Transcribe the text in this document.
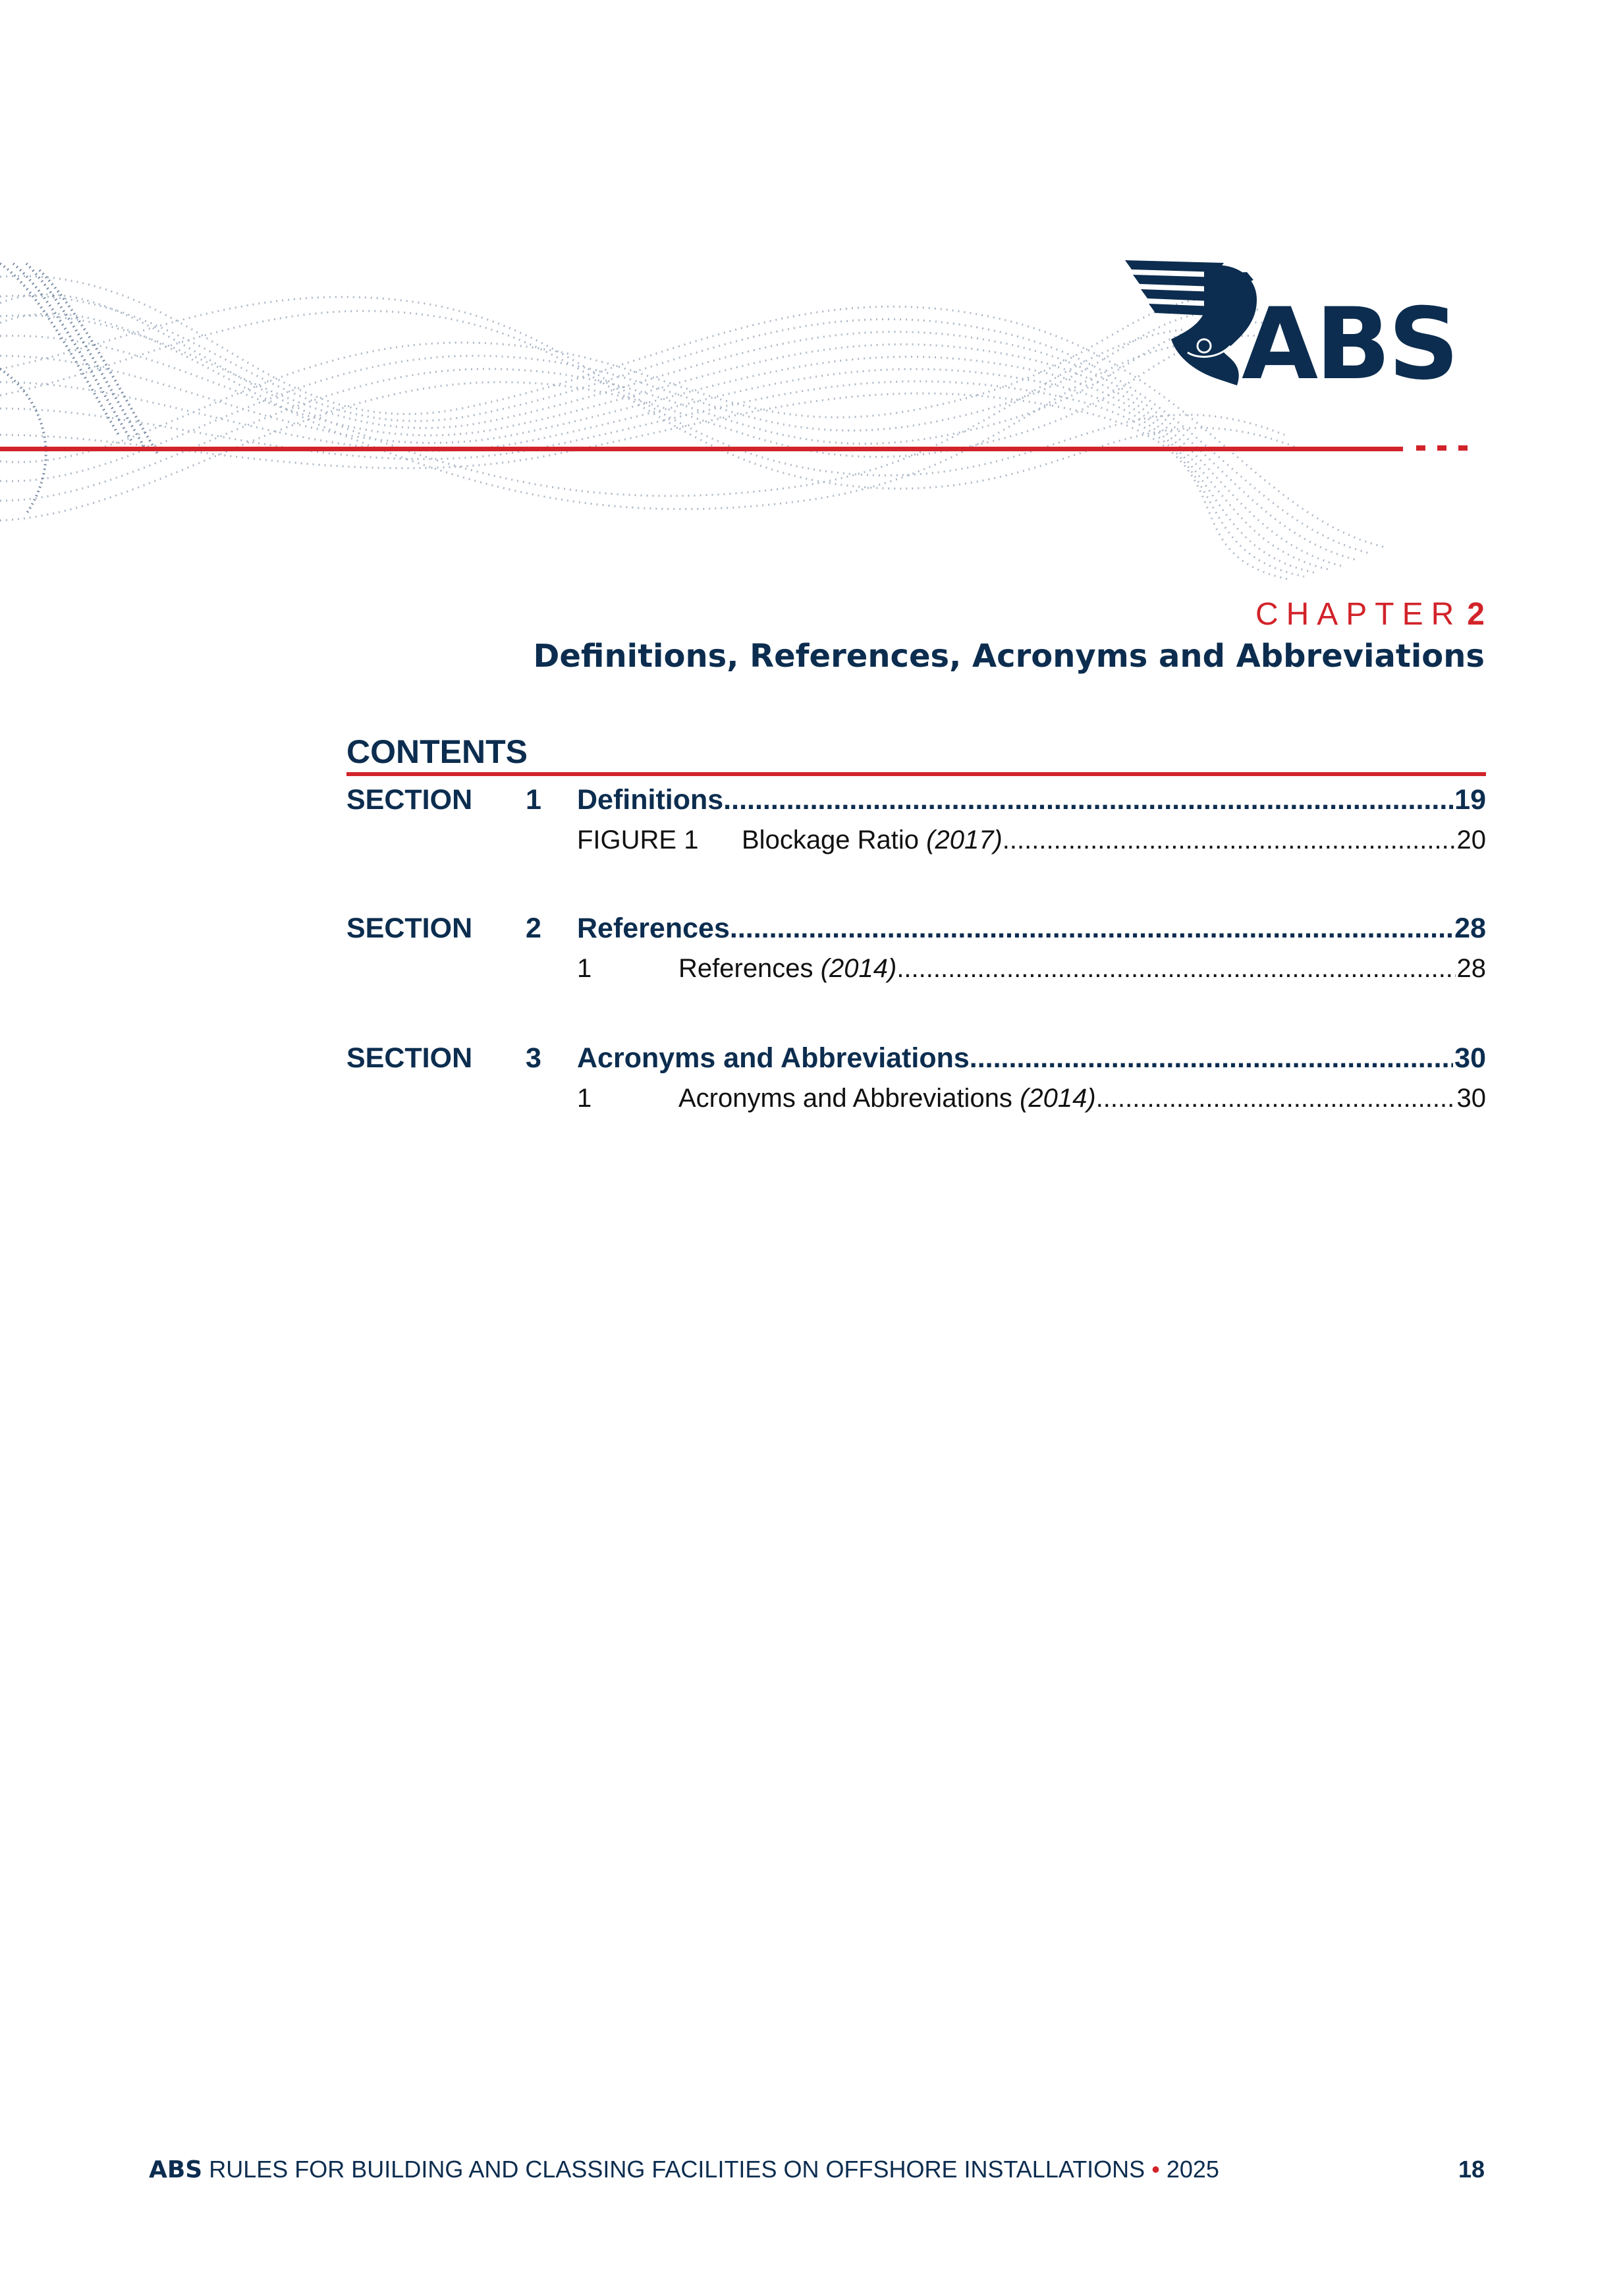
ABS
CHAPTER 2
Definitions, References, Acronyms and Abbreviations
CONTENTS
SECTION 1 Definitions .....	19
FIGURE 1 Blockage Ratio (2017) .....	20
SECTION 2 References .....	28
1	References (2014) .....	28
SECTION 3 Acronyms and Abbreviations .....	30
1	Acronyms and Abbreviations (2014) .....	30
ABS RULES FOR BUILDING AND CLASSING FACILITIES ON OFFSHORE INSTALLATIONS • 2025	18
